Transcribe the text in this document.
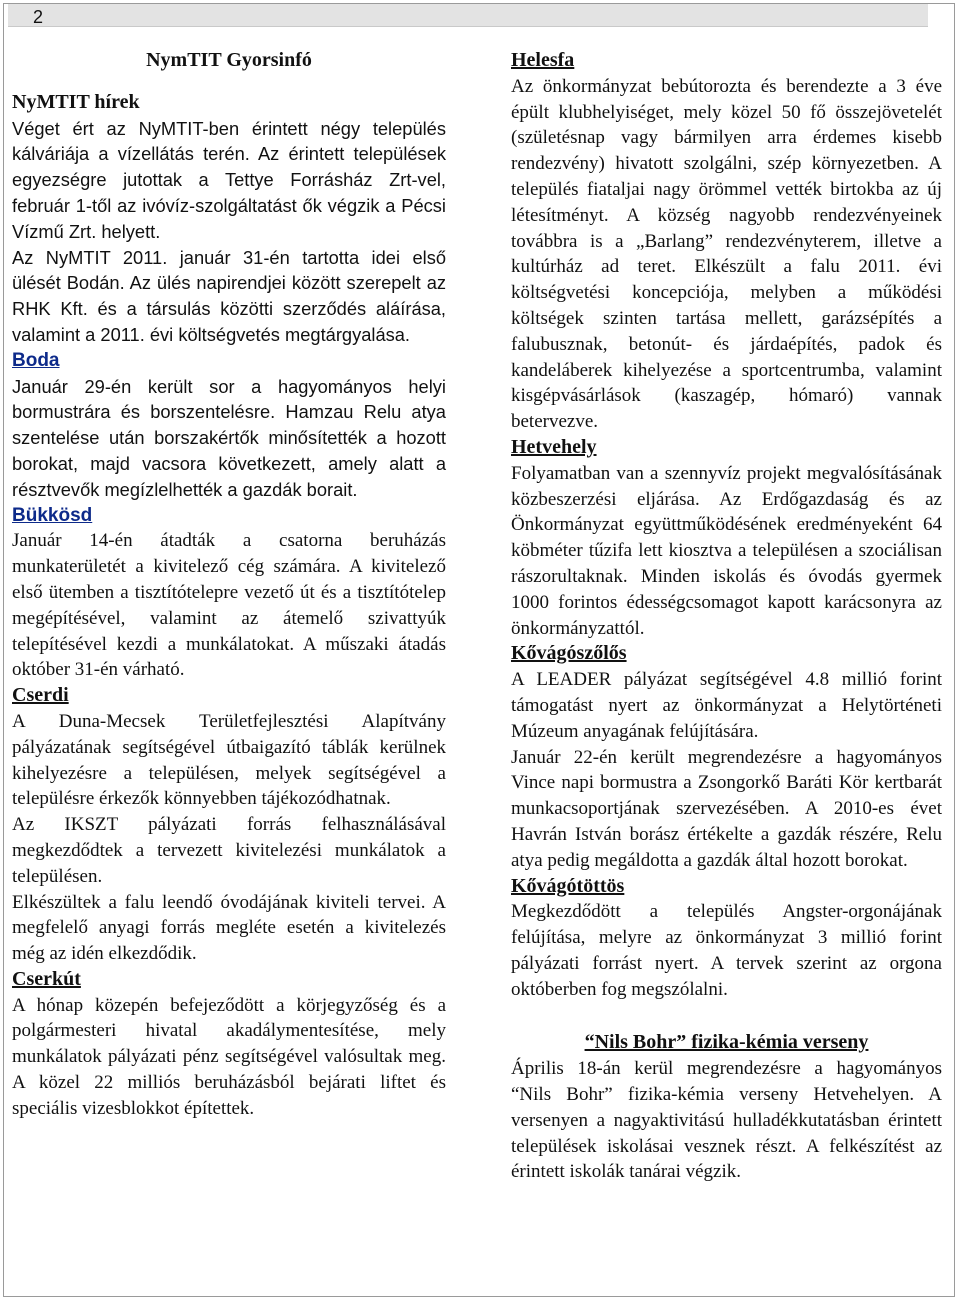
2
NymTIT Gyorsinfó
NyMTIT hírek

Véget ért az NyMTIT-ben érintett négy település kálváriája a vízellátás terén. Az érintett települések egyezségre jutottak a Tettye Forrásház Zrt-vel, február 1-től az ivóvíz-szolgáltatást ők végzik a Pécsi Vízmű Zrt. helyett.

Az NyMTIT 2011. január 31-én tartotta idei első ülését Bodán. Az ülés napirendjei között szerepelt az RHK Kft. és a társulás közötti szerződés aláírása, valamint a 2011. évi költségvetés megtárgyalása.

Boda

Január 29-én került sor a hagyományos helyi bormustrára és borszentelésre. Hamzau Relu atya szentelése után borszakértők minősítették a hozott borokat, majd vacsora következett, amely alatt a résztvevők megízlelhették a gazdák borait.

Bükkösd

Január 14-én átadták a csatorna beruházás munkaterületét a kivitelező cég számára. A kivitelező első ütemben a tisztítótelepre vezető út és a tisztítótelep megépítésével, valamint az átemelő szivattyúk telepítésével kezdi a munkálatokat. A műszaki átadás október 31-én várható.

Cserdi

A Duna-Mecsek Területfejlesztési Alapítvány pályázatának segítségével útbaigazító táblák kerülnek kihelyezésre a településen, melyek segítségével a településre érkezők könnyebben tájékozódhatnak.

Az IKSZT pályázati forrás felhasználásával megkezdődtek a tervezett kivitelezési munkálatok a településen.

Elkészültek a falu leendő óvodájának kiviteli tervei. A megfelelő anyagi forrás megléte esetén a kivitelezés még az idén elkezdődik.

Cserkút

A hónap közepén befejeződött a körjegyzőség és a polgármesteri hivatal akadálymentesítése, mely munkálatok pályázati pénz segítségével valósultak meg. A közel 22 milliós beruházásból bejárati liftet és speciális vizesblokkot építettek.

Helesfa

Az önkormányzat bebútorozta és berendezte a 3 éve épült klubhelyiséget, mely közel 50 fő összejövetelét (születésnap vagy bármilyen arra érdemes kisebb rendezvény) hivatott szolgálni, szép környezetben. A település fiataljai nagy örömmel vették birtokba az új létesítményt. A község nagyobb rendezvényeinek továbbra is a „Barlang” rendezvényterem, illetve a kultúrház ad teret. Elkészült a falu 2011. évi költségvetési koncepciója, melyben a működési költségek szinten tartása mellett, garázsépítés a falubusznak, betonút- és járdaépítés, padok és kandeláberek kihelyezése a sportcentrumba, valamint kisgépvásárlások (kaszagép, hómaró) vannak betervezve.

Hetvehely

Folyamatban van a szennyvíz projekt megvalósításának közbeszerzési eljárása. Az Erdőgazdaság és az Önkormányzat együttműködésének eredményeként 64 köbméter tűzifa lett kiosztva a településen a szociálisan rászorultaknak. Minden iskolás és óvodás gyermek 1000 forintos édességcsomagot kapott karácsonyra az önkormányzattól.

Kővágószőlős

A LEADER pályázat segítségével 4.8 millió forint támogatást nyert az önkormányzat a Helytörténeti Múzeum anyagának felújítására.

Január 22-én került megrendezésre a hagyományos Vince napi bormustra a Zsongorkő Baráti Kör kertbarát munkacsoportjának szervezésében. A 2010-es évet Havrán István borász értékelte a gazdák részére, Relu atya pedig megáldotta a gazdák által hozott borokat.

Kővágótöttös

Megkezdődött a település Angster-orgonájának felújítása, melyre az önkormányzat 3 millió forint pályázati forrást nyert. A tervek szerint az orgona októberben fog megszólalni.

“Nils Bohr” fizika-kémia verseny

Április 18-án kerül megrendezésre a hagyományos “Nils Bohr” fizika-kémia verseny Hetvehelyen. A versenyen a nagyaktivitású hulladékkutatásban érintett települések iskolásai vesznek részt. A felkészítést az érintett iskolák tanárai végzik.
